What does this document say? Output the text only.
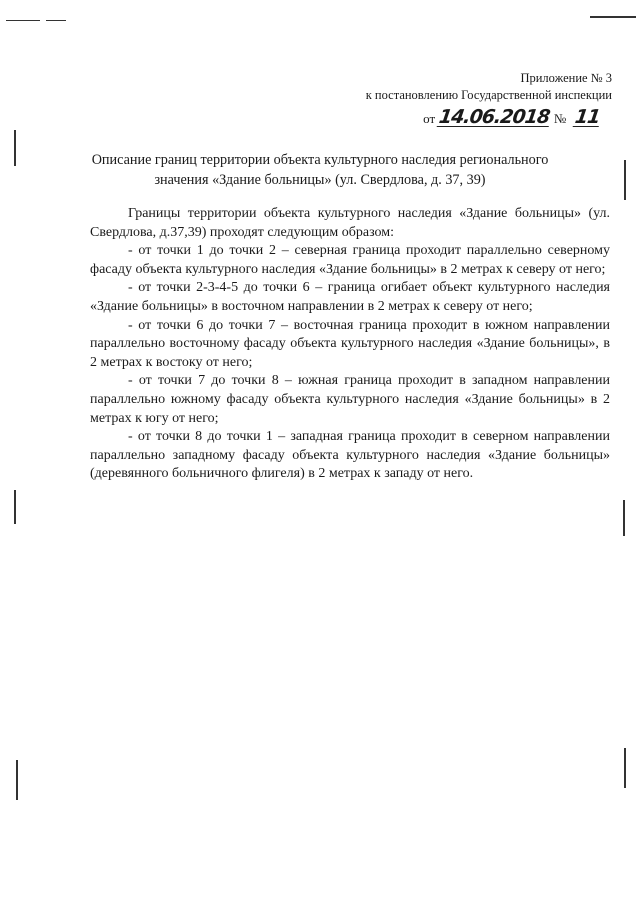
Приложение № 3
к постановлению Государственной инспекции
от 14.06.2018 № 11
Описание границ территории объекта культурного наследия регионального
значения «Здание больницы» (ул. Свердлова, д. 37, 39)

Границы территории объекта культурного наследия «Здание больницы» (ул. Свердлова, д.37,39) проходят следующим образом:

- от точки 1 до точки 2 – северная граница проходит параллельно северному фасаду объекта культурного наследия «Здание больницы» в 2 метрах к северу от него;

- от точки 2-3-4-5 до точки 6 – граница огибает объект культурного наследия «Здание больницы» в восточном направлении в 2 метрах к северу от него;

- от точки 6 до точки 7 – восточная граница проходит в южном направлении параллельно восточному фасаду объекта культурного наследия «Здание больницы», в 2 метрах к востоку от него;

- от точки 7 до точки 8 – южная граница проходит в западном направлении параллельно южному фасаду объекта культурного наследия «Здание больницы» в 2 метрах к югу от него;

- от точки 8 до точки 1 – западная граница проходит в северном направлении параллельно западному фасаду объекта культурного наследия «Здание больницы» (деревянного больничного флигеля) в 2 метрах к западу от него.
